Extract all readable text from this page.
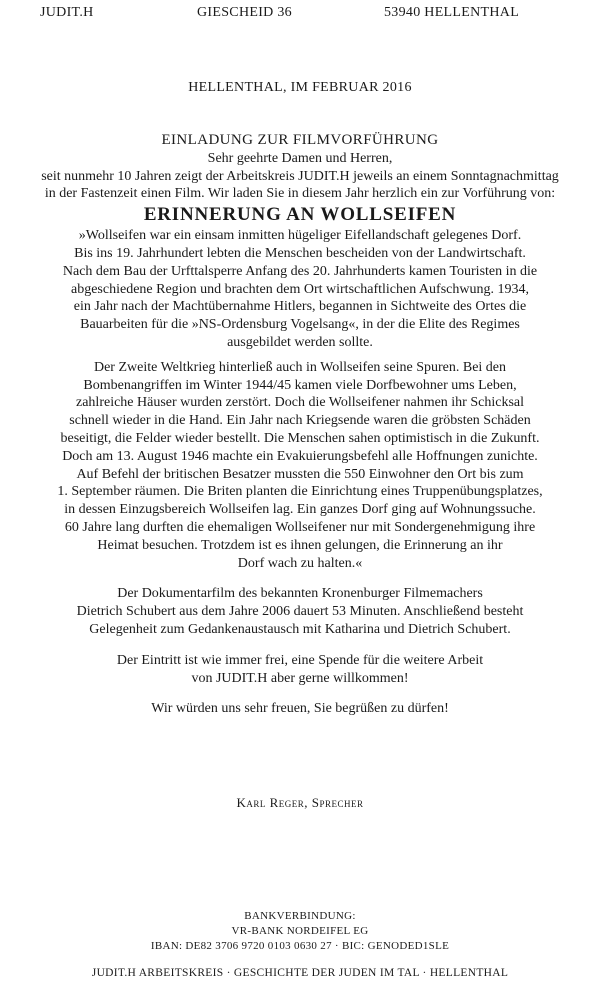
JUDIT.H	GIESCHEID 36	53940 HELLENTHAL
HELLENTHAL, IM FEBRUAR 2016

EINLADUNG ZUR FILMVORFÜHRUNG

Sehr geehrte Damen und Herren,

seit nunmehr 10 Jahren zeigt der Arbeitskreis JUDIT.H jeweils an einem Sonntagnachmittag

in der Fastenzeit einen Film. Wir laden Sie in diesem Jahr herzlich ein zur Vorführung von:

ERINNERUNG AN WOLLSEIFEN

»Wollseifen war ein einsam inmitten hügeliger Eifellandschaft gelegenes Dorf.

Bis ins 19. Jahrhundert lebten die Menschen bescheiden von der Landwirtschaft.

Nach dem Bau der Urfttalsperre Anfang des 20. Jahrhunderts kamen Touristen in die

abgeschiedene Region und brachten dem Ort wirtschaftlichen Aufschwung. 1934,

ein Jahr nach der Machtübernahme Hitlers, begannen in Sichtweite des Ortes die

Bauarbeiten für die »NS-Ordensburg Vogelsang«, in der die Elite des Regimes

ausgebildet werden sollte.

Der Zweite Weltkrieg hinterließ auch in Wollseifen seine Spuren. Bei den

Bombenangriffen im Winter 1944/45 kamen viele Dorfbewohner ums Leben,

zahlreiche Häuser wurden zerstört. Doch die Wollseifener nahmen ihr Schicksal

schnell wieder in die Hand. Ein Jahr nach Kriegsende waren die gröbsten Schäden

beseitigt, die Felder wieder bestellt. Die Menschen sahen optimistisch in die Zukunft.

Doch am 13. August 1946 machte ein Evakuierungsbefehl alle Hoffnungen zunichte.

Auf Befehl der britischen Besatzer mussten die 550 Einwohner den Ort bis zum

1. September räumen. Die Briten planten die Einrichtung eines Truppenübungsplatzes,

in dessen Einzugsbereich Wollseifen lag. Ein ganzes Dorf ging auf Wohnungssuche.

60 Jahre lang durften die ehemaligen Wollseifener nur mit Sondergenehmigung ihre

Heimat besuchen. Trotzdem ist es ihnen gelungen, die Erinnerung an ihr

Dorf wach zu halten.«

Der Dokumentarfilm des bekannten Kronenburger Filmemachers

Dietrich Schubert aus dem Jahre 2006 dauert 53 Minuten. Anschließend besteht

Gelegenheit zum Gedankenaustausch mit Katharina und Dietrich Schubert.

Der Eintritt ist wie immer frei, eine Spende für die weitere Arbeit

von JUDIT.H aber gerne willkommen!

Wir würden uns sehr freuen, Sie begrüßen zu dürfen!

Karl Reger, Sprecher
BANKVERBINDUNG:
VR-BANK NORDEIFEL EG
IBAN: DE82 3706 9720 0103 0630 27 · BIC: GENODED1SLE
JUDIT.H ARBEITSKREIS · GESCHICHTE DER JUDEN IM TAL · HELLENTHAL
